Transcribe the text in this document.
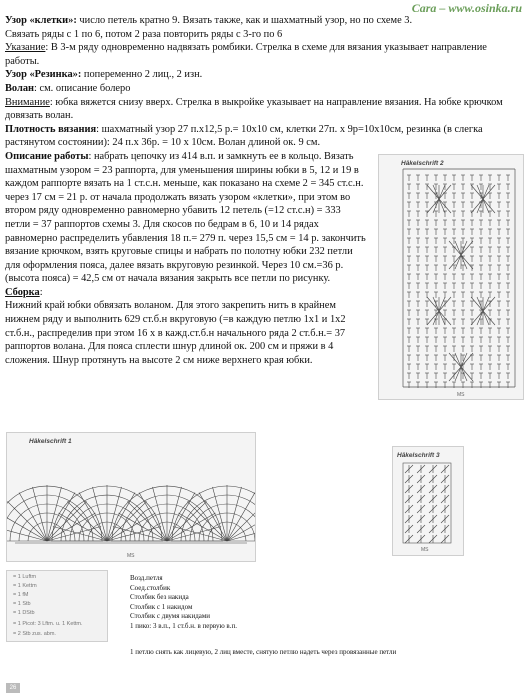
Cara – www.osinka.ru

Узор «клетки»: число петель кратно 9. Вязать также, как и шахматный узор, но по схеме 3.

Связать ряды с 1 по 6, потом 2 раза повторить ряды с 3-го по 6

Указание: В 3-м ряду одновременно надвязать ромбики. Стрелка в схеме для вязания указывает направление работы.

Узор «Резинка»: попеременно 2 лиц., 2 изн.

Волан: см. описание болеро

Внимание: юбка вяжется снизу вверх. Стрелка в выкройке указывает на направление вязания. На юбке крючком довязать волан.

Плотность вязания: шахматный узор 27 п.х12,5 р.= 10х10 см, клетки 27п. х 9р=10х10см, резинка (в слегка растянутом состоянии): 24 п.х 36р. = 10 х 10см. Волан длиной ок. 9 см.

Описание работы: набрать цепочку из 414 в.п. и замкнуть ее в кольцо. Вязать шахматным узором = 23 раппорта, для уменьшения ширины юбки в 5, 12 и 19 в каждом раппорте вязать на 1 ст.с.н. меньше, как показано на схеме 2 = 345 ст.с.н. через 17 см = 21 р. от начала продолжать вязать узором «клетки», при этом во втором ряду одновременно равномерно убавить 12 петель (=12 ст.с.н) = 333 петли = 37 раппортов схемы 3. Для скосов по бедрам в 6, 10 и 14 рядах равномерно распределить убавления 18 п.= 279 п. через 15,5 см = 14 р. закончить вязание крючком, взять круговые спицы и набрать по полотну юбки 232 петли для оформления пояса, далее вязать вкруговую резинкой. Через 10 см.=36 р. (высота пояса) = 42,5 см от начала вязания закрыть все петли по рисунку.

Сборка:

Нижний край юбки обвязать воланом. Для этого закрепить нить в крайнем нижнем ряду и выполнить 629 ст.б.н вкруговую (=в каждую петлю 1х1 и 1х2 ст.б.н., распределив при этом 16 х в кажд.ст.б.н начального ряда 2 ст.б.н.= 37 раппортов волана. Для пояса сплести шнур длиной ок. 200 см и пряжи в 4 сложения. Шнур протянуть на высоте 2 см ниже верхнего края юбки.

Häkelschrift 2
MS
Häkelschrift 1
MS
Häkelschrift 3
MS
= 1 Luftm
= 1 Kettm
= 1 fM
= 1 Stb
= 1 DStb
= 1 Picot: 3 Lftm. u. 1 Kettm.
= 2 Stb zus. abm.
Возд.петля
Соед.столбик
Столбик без накида
Столбик с 1 накидом
Столбик с двумя накидами
1 пико: 3 в.п., 1 ст.б.н. в первую в.п.
1 петлю снять как лицевую, 2 лиц вместе, снятую петлю надеть через провязанные петли
26
